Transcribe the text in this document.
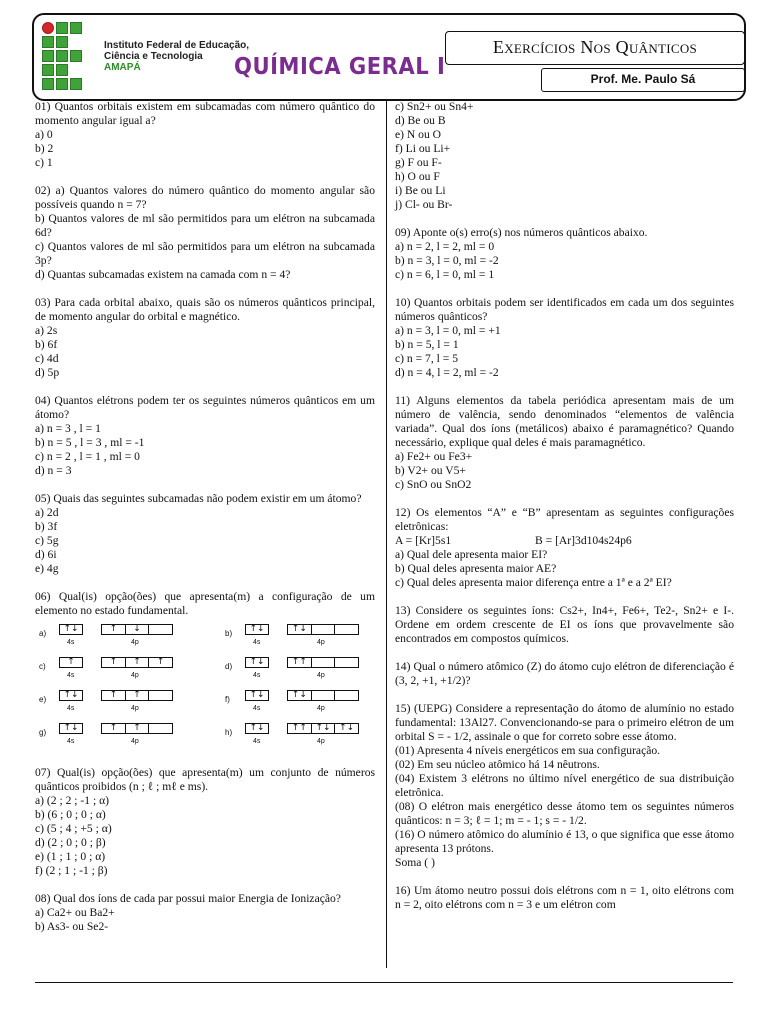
Instituto Federal de Educação,
Ciência e Tecnologia
AMAPÁ	QUÍMICA GERAL I
Exercícios Nos Quânticos
Prof. Me. Paulo Sá
01) Quantos orbitais existem em subcamadas com número quântico do momento angular igual a?
a) 0
b) 2
c) 1
02) a) Quantos valores do número quântico do momento angular são possíveis quando n = 7?
b) Quantos valores de ml são permitidos para um elétron na subcamada 6d?
c) Quantos valores de ml são permitidos para um elétron na subcamada 3p?
d) Quantas subcamadas existem na camada com n = 4?
03) Para cada orbital abaixo, quais são os números quânticos principal, de momento angular do orbital e magnético.
a) 2s
b) 6f
c) 4d
d) 5p
04) Quantos elétrons podem ter os seguintes números quânticos em um átomo?
a) n = 3 , l = 1
b) n = 5 , l = 3 , ml = -1
c) n = 2 , l = 1 , ml = 0
d) n = 3
05) Quais das seguintes subcamadas não podem existir em um átomo?
a) 2d
b) 3f
c) 5g
d) 6i
e) 4g
06) Qual(is) opção(ões) que apresenta(m) a configuração de um elemento no estado fundamental.
a)	↑↓
4s
↑	↓
4p
b)	↑↓
4s
↑↓
4p
c)	↑
4s
↑	↑	↑
4p
d)	↑↓
4s
↑↑
4p
e)	↑↓
4s
↑	↑
4p
f)	↑↓
4s
↑↓
4p
g)	↑↓
4s
↑	↑
4p
h)	↑↓
4s
↑↑ ↑↓ ↑↓
4p
07) Qual(is) opção(ões) que apresenta(m) um conjunto de números quânticos proibidos (n ; ℓ ; mℓ e ms).
a) (2 ; 2 ; -1 ; α)
b) (6 ; 0 ; 0 ; α)
c) (5 ; 4 ; +5 ; α)
d) (2 ; 0 ; 0 ; β)
e) (1 ; 1 ; 0 ; α)
f) (2 ; 1 ; -1 ; β)
08) Qual dos íons de cada par possui maior Energia de Ionização?
a) Ca2+ ou Ba2+
b) As3- ou Se2-
c) Sn2+ ou Sn4+
d) Be ou B
e) N ou O
f) Li ou Li+
g) F ou F-
h) O ou F
i) Be ou Li
j) Cl- ou Br-
09) Aponte o(s) erro(s) nos números quânticos abaixo.
a) n = 2, l = 2, ml = 0
b) n = 3, l = 0, ml = -2
c) n = 6, l = 0, ml = 1
10) Quantos orbitais podem ser identificados em cada um dos seguintes números quânticos?
a) n = 3, l = 0, ml = +1
b) n = 5, l = 1
c) n = 7, l = 5
d) n = 4, l = 2, ml = -2
11) Alguns elementos da tabela periódica apresentam mais de um número de valência, sendo denominados “elementos de valência variada”. Qual dos íons (metálicos) abaixo é paramagnético? Quando necessário, explique qual deles é mais paramagnético.
a) Fe2+ ou Fe3+
b) V2+ ou V5+
c) SnO ou SnO2
12) Os elementos “A” e “B” apresentam as seguintes configurações eletrônicas:
A = [Kr]5s1	B = [Ar]3d104s24p6
a) Qual dele apresenta maior EI?
b) Qual deles apresenta maior AE?
c) Qual deles apresenta maior diferença entre a 1ª e a 2ª EI?
13) Considere os seguintes íons: Cs2+, In4+, Fe6+, Te2-, Sn2+ e I-. Ordene em ordem crescente de EI os íons que provavelmente são encontrados em compostos químicos.
14) Qual o número atômico (Z) do átomo cujo elétron de diferenciação é (3, 2, +1, +1/2)?
15) (UEPG) Considere a representação do átomo de alumínio no estado fundamental: 13Al27. Convencionando-se para o primeiro elétron de um orbital S = - 1/2, assinale o que for correto sobre esse átomo.
(01) Apresenta 4 níveis energéticos em sua configuração.
(02) Em seu núcleo atômico há 14 nêutrons.
(04) Existem 3 elétrons no último nível energético de sua distribuição eletrônica.
(08) O elétron mais energético desse átomo tem os seguintes números quânticos: n = 3; ℓ = 1; m = - 1; s = - 1/2.
(16) O número atômico do alumínio é 13, o que significa que esse átomo apresenta 13 prótons.
Soma ( )
16) Um átomo neutro possui dois elétrons com n = 1, oito elétrons com n = 2, oito elétrons com n = 3 e um elétron com
